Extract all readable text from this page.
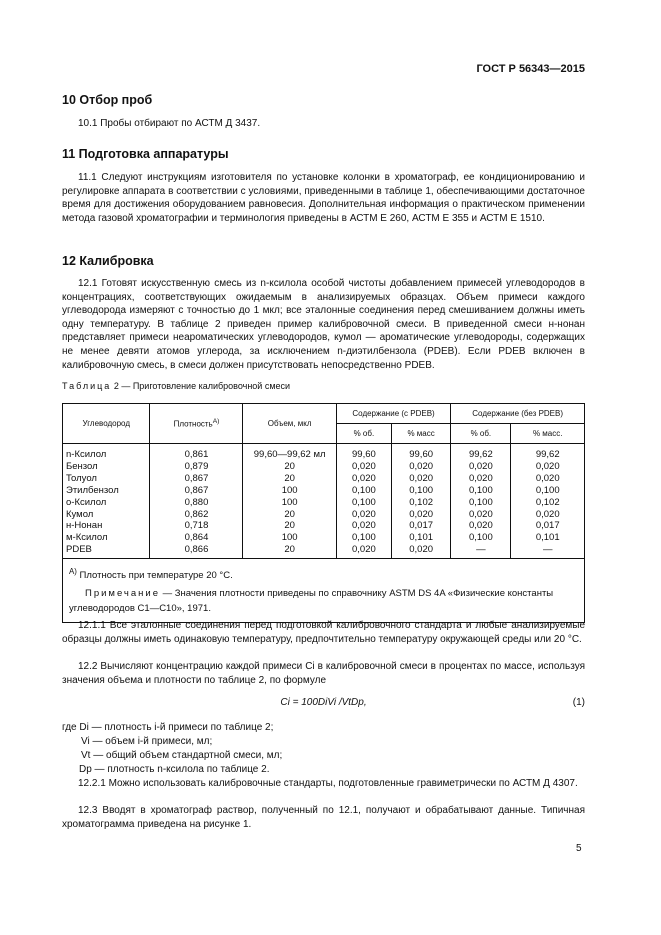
ГОСТ Р 56343—2015
10 Отбор проб

10.1 Пробы отбирают по АСТМ Д 3437.

11 Подготовка аппаратуры

11.1 Следуют инструкциям изготовителя по установке колонки в хроматограф, ее кондиционированию и регулировке аппарата в соответствии с условиями, приведенными в таблице 1, обеспечивающими достаточное время для достижения оборудованием равновесия. Дополнительная информация о практическом применении метода газовой хроматографии и терминология приведены в АСТМ Е 260, АСТМ Е 355 и АСТМ Е 1510.

12 Калибровка

12.1 Готовят искусственную смесь из n-ксилола особой чистоты добавлением примесей углеводородов в концентрациях, соответствующих ожидаемым в анализируемых образцах. Объем примеси каждого углеводорода измеряют с точностью до 1 мкл; все эталонные соединения перед смешиванием должны иметь одну температуру. В таблице 2 приведен пример калибровочной смеси. В приведенной смеси н-нонан представляет примеси неароматических углеводородов, кумол — ароматические углеводороды, содержащих не менее девяти атомов углерода, за исключением n-диэтилбензола (PDEB). Если PDEB включен в калибровочную смесь, в смеси должен присутствовать непосредственно PDEB.

Таблица 2 — Приготовление калибровочной смеси
Углеводород	Плотность$^{А)}$	Объем, мкл	Содержание (с PDEB)		Содержание (без PDEB)	
			% об.	% масс	% об.	% масс.
n-Ксилол	0,861	99,60—99,62 мл	99,60	99,60	99,62	99,62
Бензол	0,879	20	0,020	0,020	0,020	0,020
Толуол	0,867	20	0,020	0,020	0,020	0,020
Этилбензол	0,867	100	0,100	0,100	0,100	0,100
о-Ксилол	0,880	100	0,100	0,102	0,100	0,102
Кумол	0,862	20	0,020	0,020	0,020	0,020
н-Нонан	0,718	20	0,020	0,017	0,020	0,017
м-Ксилол	0,864	100	0,100	0,101	0,100	0,101
PDEB	0,866	20	0,020	0,020	—	—

$^{А)}$ Плотность при температуре 20 °С.
Примечание — Значения плотности приведены по справочнику ASTM DS 4A «Физические константы углеводородов С1—С10», 1971.						

12.1.1 Все эталонные соединения перед подготовкой калибровочного стандарта и любые анализируемые образцы должны иметь одинаковую температуру, предпочтительно температуру окружающей среды или 20 °С.

12.2 Вычисляют концентрацию каждой примеси Ci в калибровочной смеси в процентах по массе, используя значения объема и плотности по таблице 2, по формуле

Ci = 100DiVi /VtDp,	(1)
где Di — плотность i-й примеси по таблице 2;
Vi — объем i-й примеси, мл;
Vt — общий объем стандартной смеси, мл;
Dp — плотность n-ксилола по таблице 2.

12.2.1 Можно использовать калибровочные стандарты, подготовленные гравиметрически по АСТМ Д 4307.

12.3 Вводят в хроматограф раствор, полученный по 12.1, получают и обрабатывают данные. Типичная хроматограмма приведена на рисунке 1.

5
